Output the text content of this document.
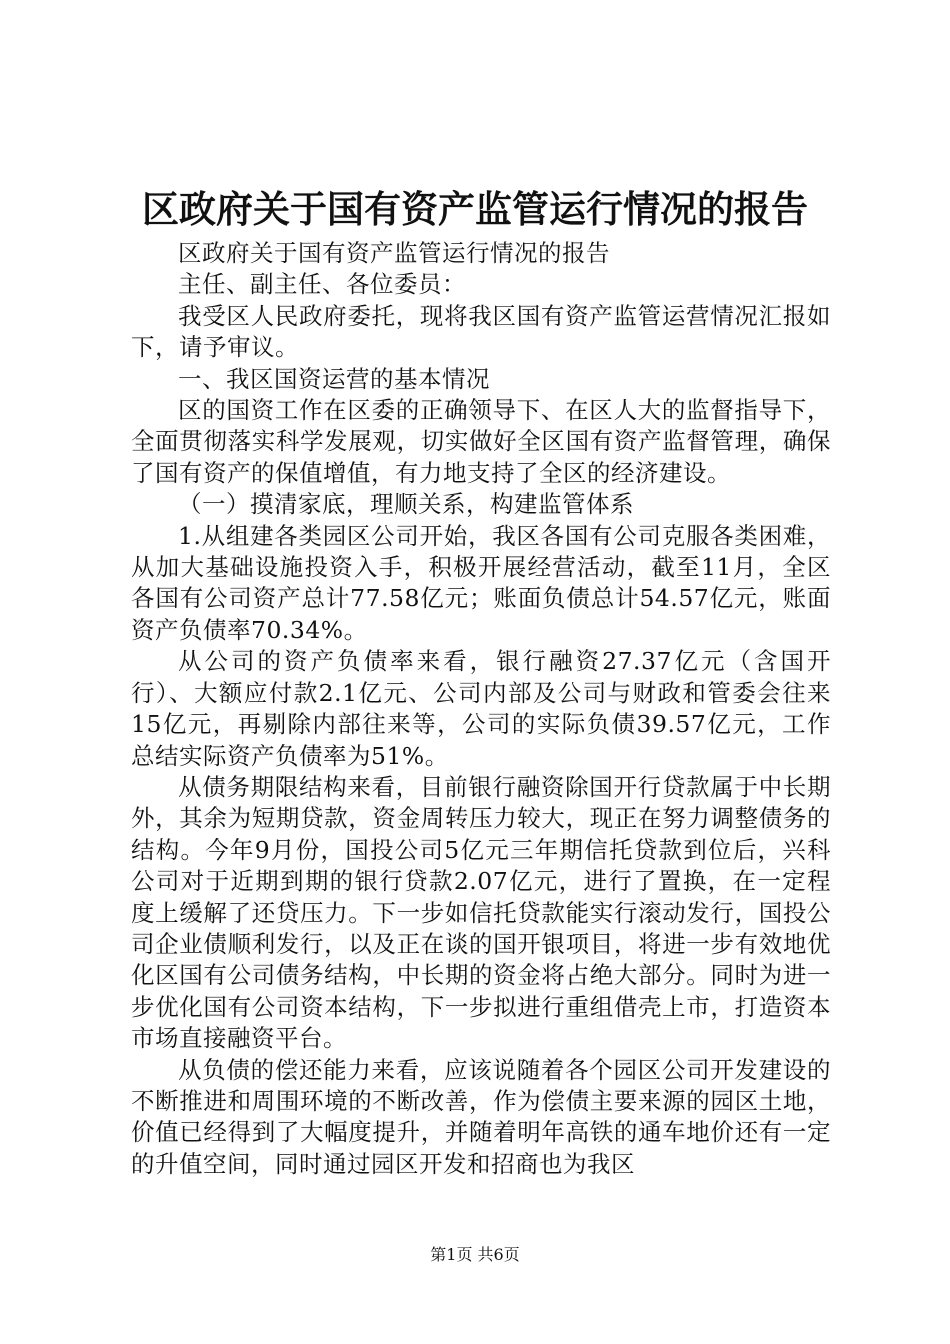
区政府关于国有资产监管运行情况的报告

区政府关于国有资产监管运行情况的报告

主任、副主任、各位委员：

我受区人民政府委托，现将我区国有资产监管运营情况汇报如下，请予审议。

一、我区国资运营的基本情况

区的国资工作在区委的正确领导下、在区人大的监督指导下，全面贯彻落实科学发展观，切实做好全区国有资产监督管理，确保了国有资产的保值增值，有力地支持了全区的经济建设。

（一）摸清家底，理顺关系，构建监管体系

1.从组建各类园区公司开始，我区各国有公司克服各类困难，从加大基础设施投资入手，积极开展经营活动，截至11月，全区各国有公司资产总计77.58亿元；账面负债总计54.57亿元，账面资产负债率70.34%。

从公司的资产负债率来看，银行融资27.37亿元（含国开行）、大额应付款2.1亿元、公司内部及公司与财政和管委会往来15亿元，再剔除内部往来等，公司的实际负债39.57亿元，工作总结实际资产负债率为51%。

从债务期限结构来看，目前银行融资除国开行贷款属于中长期外，其余为短期贷款，资金周转压力较大，现正在努力调整债务的结构。今年9月份，国投公司5亿元三年期信托贷款到位后，兴科公司对于近期到期的银行贷款2.07亿元，进行了置换，在一定程度上缓解了还贷压力。下一步如信托贷款能实行滚动发行，国投公司企业债顺利发行，以及正在谈的国开银项目，将进一步有效地优化区国有公司债务结构，中长期的资金将占绝大部分。同时为进一步优化国有公司资本结构，下一步拟进行重组借壳上市，打造资本市场直接融资平台。

从负债的偿还能力来看，应该说随着各个园区公司开发建设的不断推进和周围环境的不断改善，作为偿债主要来源的园区土地，价值已经得到了大幅度提升，并随着明年高铁的通车地价还有一定的升值空间，同时通过园区开发和招商也为我区

第1页 共6页
